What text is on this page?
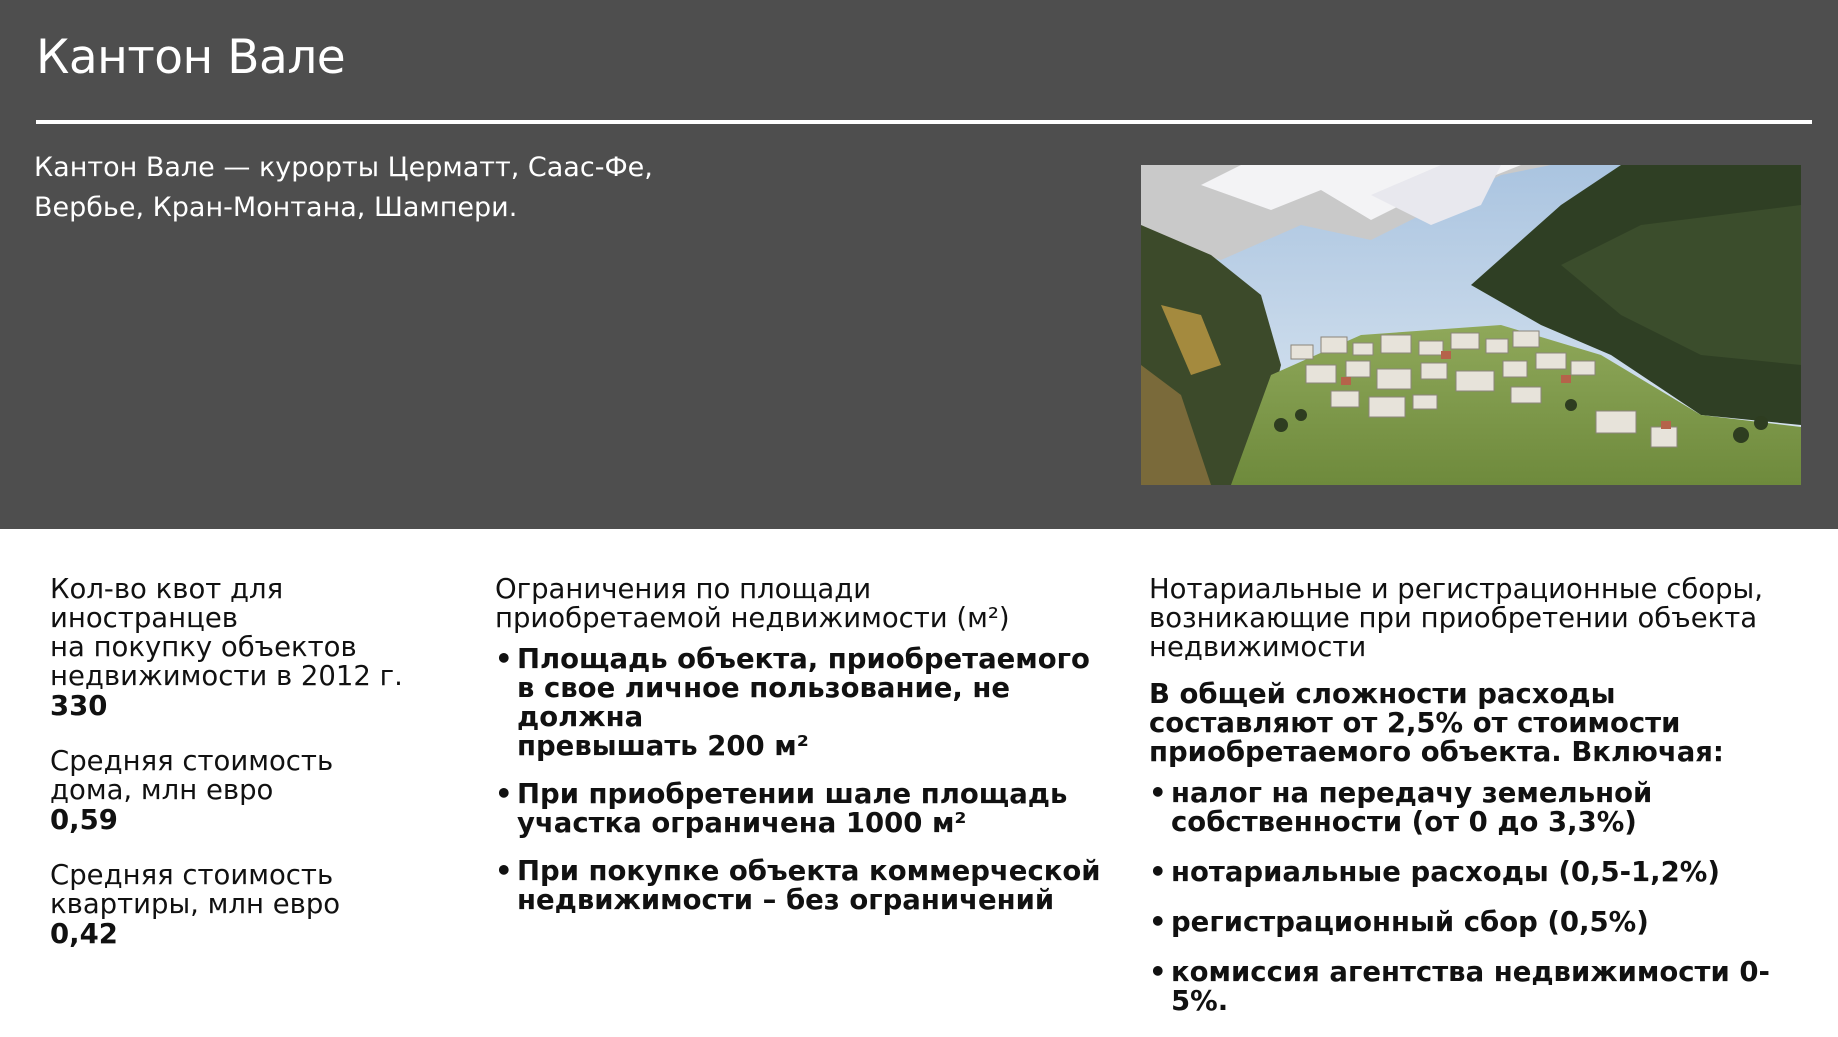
Кантон Вале
Кантон Вале — курорты Церматт, Саас-Фе,
Вербье, Кран-Монтана, Шампери.
Кол-во квот для иностранцев
на покупку объектов
недвижимости в 2012 г.
330
Средняя стоимость
дома, млн евро
0,59
Средняя стоимость
квартиры, млн евро
0,42
Ограничения по площади
приобретаемой недвижимости (м²)
• Площадь объекта, приобретаемого
в свое личное пользование, не должна
превышать 200 м²
• При приобретении шале площадь
участка ограничена 1000 м²
• При покупке объекта коммерческой
недвижимости – без ограничений
Нотариальные и регистрационные сборы,
возникающие при приобретении объекта
недвижимости
В общей сложности расходы
составляют от 2,5% от стоимости
приобретаемого объекта. Включая:
• налог на передачу земельной
собственности (от 0 до 3,3%)
• нотариальные расходы (0,5-1,2%)
• регистрационный сбор (0,5%)
• комиссия агентства недвижимости 0-5%.
